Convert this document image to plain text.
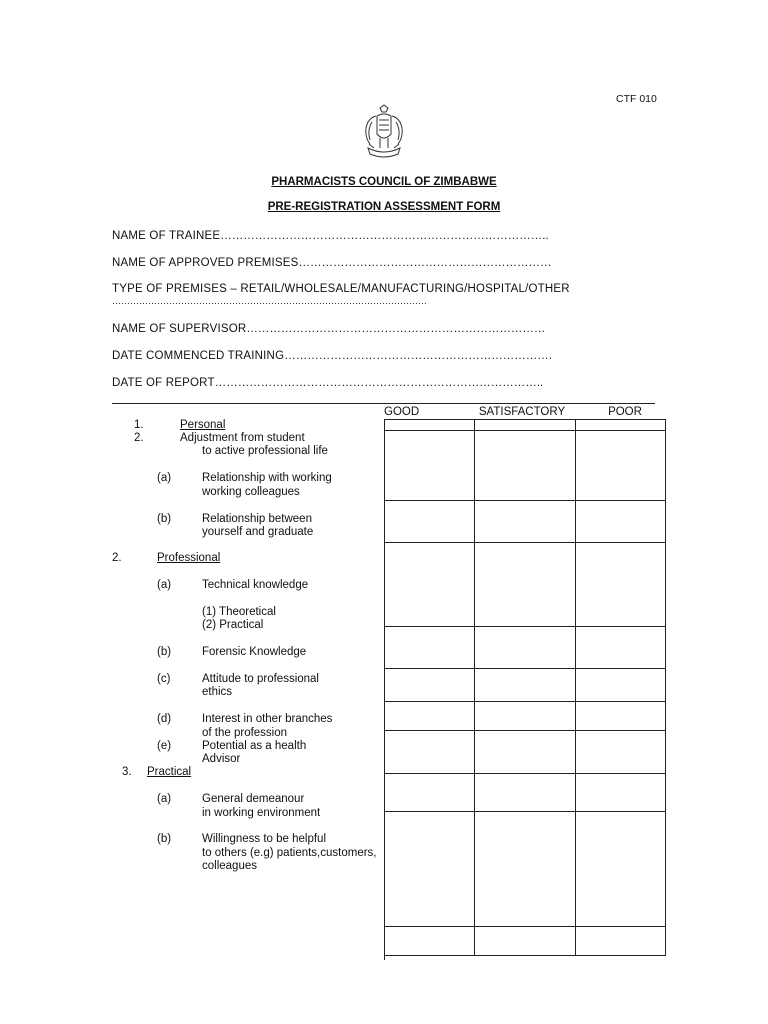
CTF 010
PHARMACISTS COUNCIL OF ZIMBABWE
PRE-REGISTRATION ASSESSMENT FORM
NAME OF TRAINEE…………………………………………………………………………..
NAME OF APPROVED PREMISES…………………………………………………………
TYPE OF PREMISES – RETAIL/WHOLESALE/MANUFACTURING/HOSPITAL/OTHER
……………………………………………………………………………………………
NAME OF SUPERVISOR……………………………………………………………………
DATE COMMENCED TRAINING…………………………………………………………….
DATE OF REPORT…………………………………………………………………………..
GOOD	SATISFACTORY	POOR
1.	Personal
2.	Adjustment from student
to active professional life
(a)	Relationship with working
working colleagues
(b)	Relationship between
yourself and graduate
2.	Professional
(a)	Technical knowledge
(1) Theoretical
(2) Practical
(b)	Forensic Knowledge
(c)	Attitude to professional
ethics
(d)	Interest in other branches
of the profession
(e)	Potential as a health
Advisor
3. Practical
(a)	General demeanour
in working environment
(b)	Willingness to be helpful
to others (e.g) patients,customers,
colleagues
